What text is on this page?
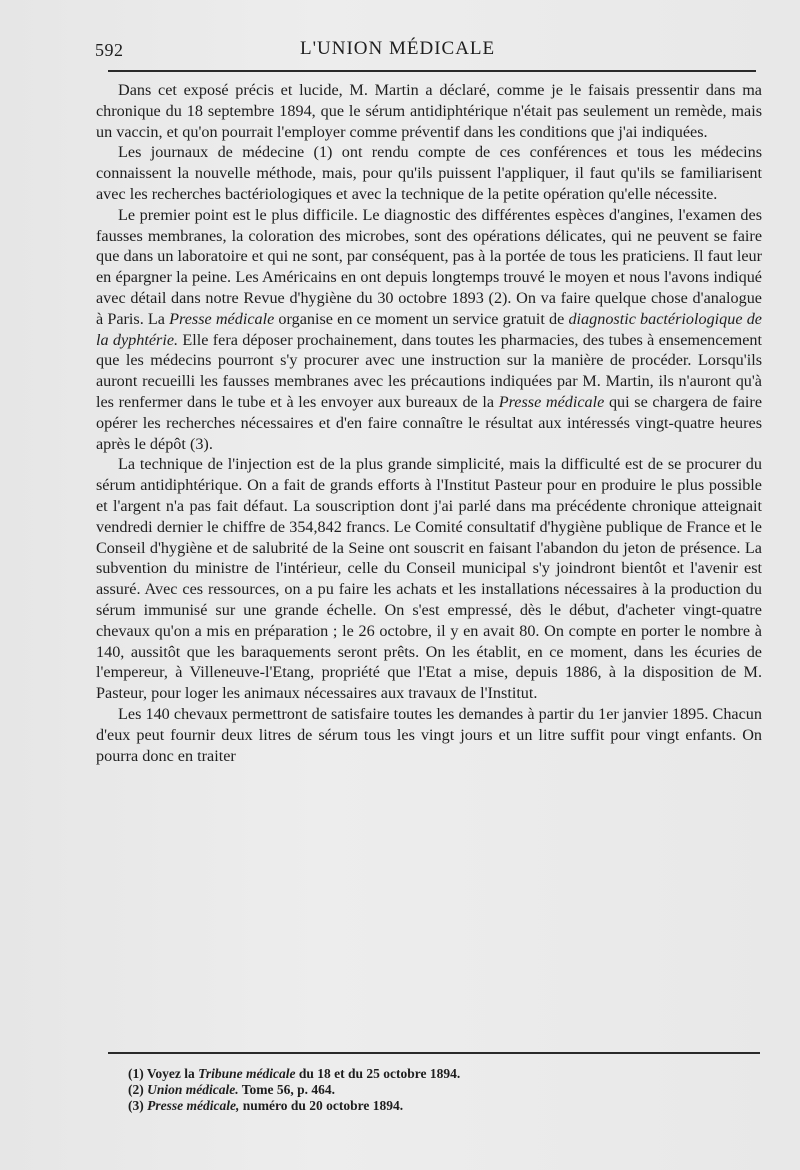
592	L'UNION MÉDICALE

Dans cet exposé précis et lucide, M. Martin a déclaré, comme je le faisais pressentir dans ma chronique du 18 septembre 1894, que le sérum antidiphtérique n'était pas seulement un remède, mais un vaccin, et qu'on pourrait l'employer comme préventif dans les conditions que j'ai indiquées.

Les journaux de médecine (1) ont rendu compte de ces conférences et tous les médecins connaissent la nouvelle méthode, mais, pour qu'ils puissent l'appliquer, il faut qu'ils se familiarisent avec les recherches bactériologiques et avec la technique de la petite opération qu'elle nécessite.

Le premier point est le plus difficile. Le diagnostic des différentes espèces d'angines, l'examen des fausses membranes, la coloration des microbes, sont des opérations délicates, qui ne peuvent se faire que dans un laboratoire et qui ne sont, par conséquent, pas à la portée de tous les praticiens. Il faut leur en épargner la peine. Les Américains en ont depuis longtemps trouvé le moyen et nous l'avons indiqué avec détail dans notre Revue d'hygiène du 30 octobre 1893 (2). On va faire quelque chose d'analogue à Paris. La Presse médicale organise en ce moment un service gratuit de diagnostic bactériologique de la dyphtérie. Elle fera déposer prochainement, dans toutes les pharmacies, des tubes à ensemencement que les médecins pourront s'y procurer avec une instruction sur la manière de procéder. Lorsqu'ils auront recueilli les fausses membranes avec les précautions indiquées par M. Martin, ils n'auront qu'à les renfermer dans le tube et à les envoyer aux bureaux de la Presse médicale qui se chargera de faire opérer les recherches nécessaires et d'en faire connaître le résultat aux intéressés vingt-quatre heures après le dépôt (3).

La technique de l'injection est de la plus grande simplicité, mais la difficulté est de se procurer du sérum antidiphtérique. On a fait de grands efforts à l'Institut Pasteur pour en produire le plus possible et l'argent n'a pas fait défaut. La souscription dont j'ai parlé dans ma précédente chronique atteignait vendredi dernier le chiffre de 354,842 francs. Le Comité consultatif d'hygiène publique de France et le Conseil d'hygiène et de salubrité de la Seine ont souscrit en faisant l'abandon du jeton de présence. La subvention du ministre de l'intérieur, celle du Conseil municipal s'y joindront bientôt et l'avenir est assuré. Avec ces ressources, on a pu faire les achats et les installations nécessaires à la production du sérum immunisé sur une grande échelle. On s'est empressé, dès le début, d'acheter vingt-quatre chevaux qu'on a mis en préparation ; le 26 octobre, il y en avait 80. On compte en porter le nombre à 140, aussitôt que les baraquements seront prêts. On les établit, en ce moment, dans les écuries de l'empereur, à Villeneuve-l'Etang, propriété que l'Etat a mise, depuis 1886, à la disposition de M. Pasteur, pour loger les animaux nécessaires aux travaux de l'Institut.

Les 140 chevaux permettront de satisfaire toutes les demandes à partir du 1er janvier 1895. Chacun d'eux peut fournir deux litres de sérum tous les vingt jours et un litre suffit pour vingt enfants. On pourra donc en traiter

(1) Voyez la Tribune médicale du 18 et du 25 octobre 1894.
(2) Union médicale. Tome 56, p. 464.
(3) Presse médicale, numéro du 20 octobre 1894.
